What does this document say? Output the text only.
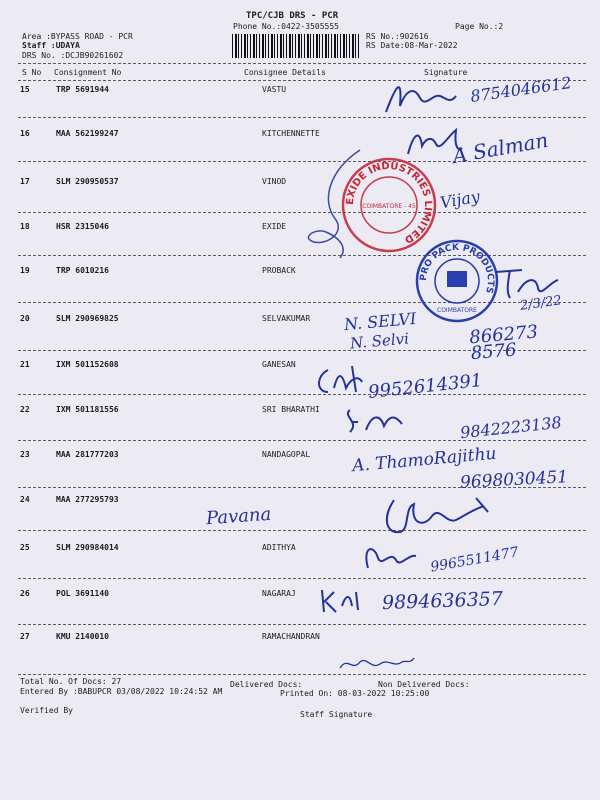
TPC/CJB DRS - PCR
Phone No.:0422-3505555	Page No.:2
Area :BYPASS ROAD - PCR
Staff :UDAYA
DRS No. :DCJB90261602
RS No.:902616
RS Date:08-Mar-2022
S No Consignment No	Consignee Details	Signature
15	TRP 5691944	VASTU
16	MAA 562199247	KITCHENNETTE
17	SLM 290950537	VINOD
18	HSR 2315046	EXIDE
19	TRP 6010216	PROBACK
20	SLM 290969825	SELVAKUMAR
21	IXM 501152608	GANESAN
22	IXM 501181556	SRI BHARATHI
23	MAA 281777203	NANDAGOPAL
24	MAA 277295793
25	SLM 290984014	ADITHYA
26	POL 3691140	NAGARAJ
27	KMU 2140010	RAMACHANDRAN
8754046612
A Salman
Vijay
EXIDE INDUSTRIES LIMITED
COIMBATORE - 45
PRO PACK PRODUCTS
COIMBATORE	2/3/22
N. SELVI
N. Selvi	866273 8576
9952614391
9842223138
A. ThamoRajithu
9698030451
Pavana
9965511477
9894636357
Total No. Of Docs: 27	Delivered Docs:	Non Delivered Docs:
Entered By :BABUPCR 03/08/2022 10:24:52 AM	Printed On: 08-03-2022 10:25:00
Verified By	Staff Signature
